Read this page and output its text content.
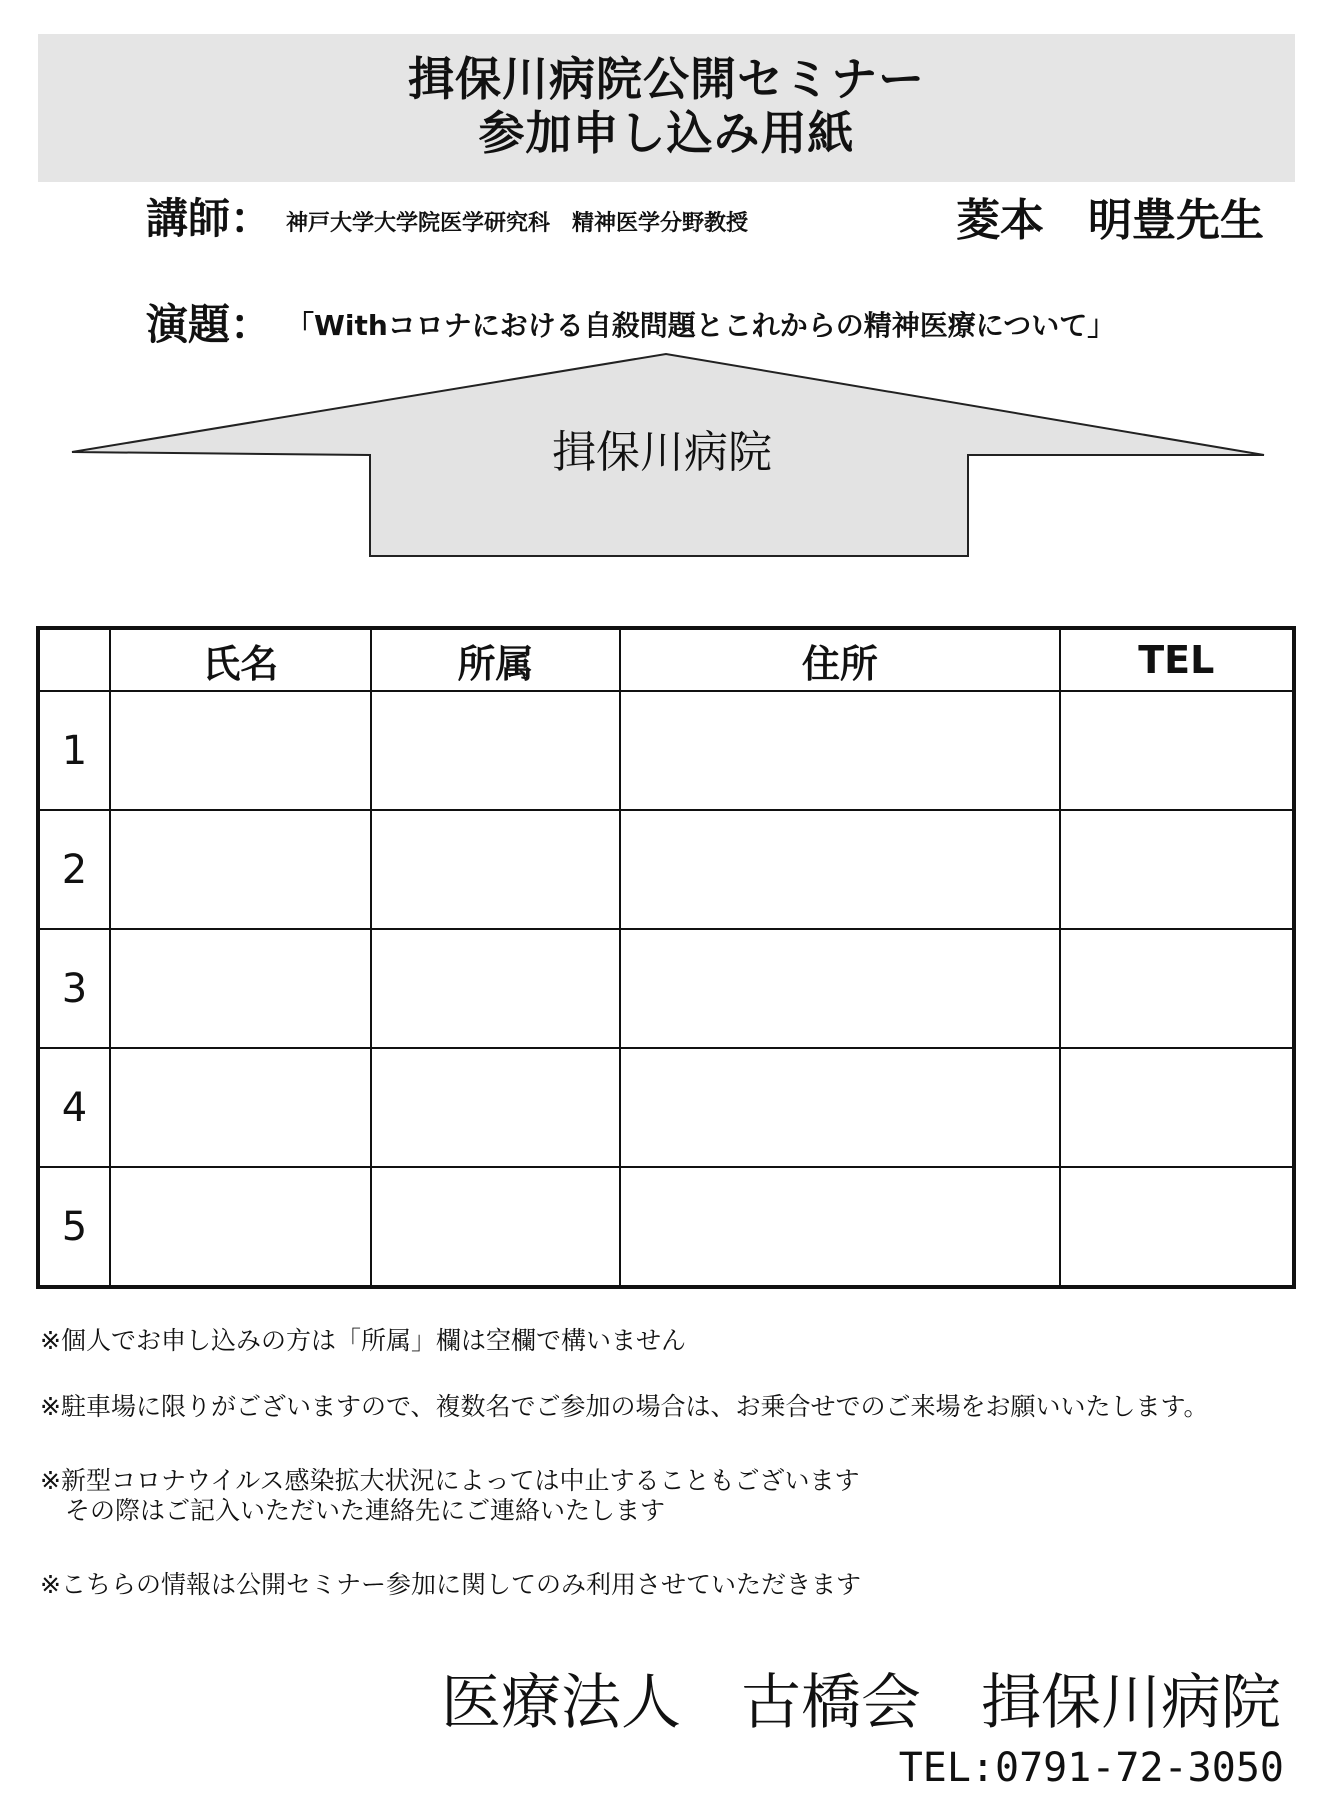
揖保川病院公開セミナー
参加申し込み用紙
講師： 神戸大学大学院医学研究科　精神医学分野教授	菱本　明豊先生
演題： 「Withコロナにおける自殺問題とこれからの精神医療について」
揖保川病院
	氏名	所属	住所	TEL
1				
2				
3				
4				
5				
※個人でお申し込みの方は「所属」欄は空欄で構いません
※駐車場に限りがございますので、複数名でご参加の場合は、お乗合せでのご来場をお願いいたします。
※新型コロナウイルス感染拡大状況によっては中止することもございます
　その際はご記入いただいた連絡先にご連絡いたします
※こちらの情報は公開セミナー参加に関してのみ利用させていただきます
医療法人　古橋会　揖保川病院
TEL:0791-72-3050
